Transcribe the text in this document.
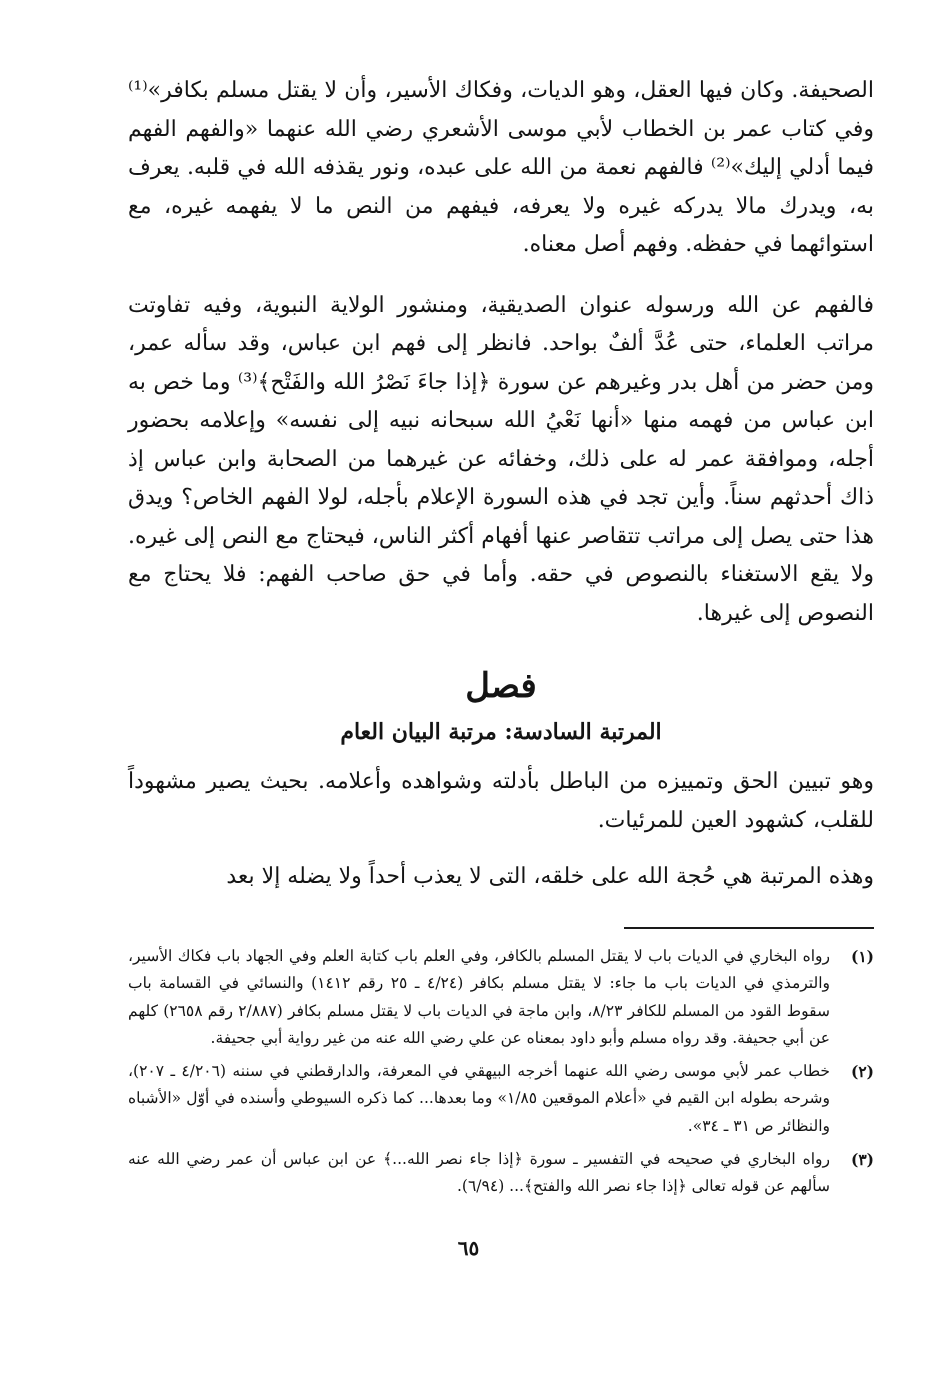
الصحيفة. وكان فيها العقل، وهو الديات، وفكاك الأسير، وأن لا يقتل مسلم بكافر»⁽¹⁾ وفي كتاب عمر بن الخطاب لأبي موسى الأشعري رضي الله عنهما «والفهم الفهم فيما أدلي إليك»⁽²⁾ فالفهم نعمة من الله على عبده، ونور يقذفه الله في قلبه. يعرف به، ويدرك مالا يدركه غيره ولا يعرفه، فيفهم من النص ما لا يفهمه غيره، مع استوائهما في حفظه. وفهم أصل معناه.

فالفهم عن الله ورسوله عنوان الصديقية، ومنشور الولاية النبوية، وفيه تفاوتت مراتب العلماء، حتى عُدَّ ألفٌ بواحد. فانظر إلى فهم ابن عباس، وقد سأله عمر، ومن حضر من أهل بدر وغيرهم عن سورة ﴿إذا جاءَ نَصْرُ الله والفَتْح﴾⁽³⁾ وما خص به ابن عباس من فهمه منها «أنها نَعْيُ الله سبحانه نبيه إلى نفسه» وإعلامه بحضور أجله، وموافقة عمر له على ذلك، وخفائه عن غيرهما من الصحابة وابن عباس إذ ذاك أحدثهم سناً. وأين تجد في هذه السورة الإعلام بأجله، لولا الفهم الخاص؟ ويدق هذا حتى يصل إلى مراتب تتقاصر عنها أفهام أكثر الناس، فيحتاج مع النص إلى غيره. ولا يقع الاستغناء بالنصوص في حقه. وأما في حق صاحب الفهم: فلا يحتاج مع النصوص إلى غيرها.

فصل
المرتبة السادسة: مرتبة البيان العام

وهو تبيين الحق وتمييزه من الباطل بأدلته وشواهده وأعلامه. بحيث يصير مشهوداً للقلب، كشهود العين للمرئيات.

وهذه المرتبة هي حُجة الله على خلقه، التى لا يعذب أحداً ولا يضله إلا بعد

(١)
رواه البخاري في الديات باب لا يقتل المسلم بالكافر، وفي العلم باب كتابة العلم وفي الجهاد باب فكاك الأسير، والترمذي في الديات باب ما جاء: لا يقتل مسلم بكافر (٤/٢٤ ـ ٢٥ رقم ١٤١٢) والنسائي في القسامة باب سقوط القود من المسلم للكافر ٨/٢٣، وابن ماجة في الديات باب لا يقتل مسلم بكافر (٢/٨٨٧ رقم ٢٦٥٨) كلهم عن أبي جحيفة. وقد رواه مسلم وأبو داود بمعناه عن علي رضي الله عنه من غير رواية أبي جحيفة.
(٢)
خطاب عمر لأبي موسى رضي الله عنهما أخرجه البيهقي في المعرفة، والدارقطني في سننه (٤/٢٠٦ ـ ٢٠٧)، وشرحه بطوله ابن القيم في «أعلام الموقعين ١/٨٥» وما بعدها... كما ذكره السيوطي وأسنده في أوّل «الأشباه والنظائر ص ٣١ ـ ٣٤».
(٣)
رواه البخاري في صحيحه في التفسير ـ سورة ﴿إذا جاء نصر الله...﴾ عن ابن عباس أن عمر رضي الله عنه سألهم عن قوله تعالى ﴿إذا جاء نصر الله والفتح﴾... (٦/٩٤).
٦٥
